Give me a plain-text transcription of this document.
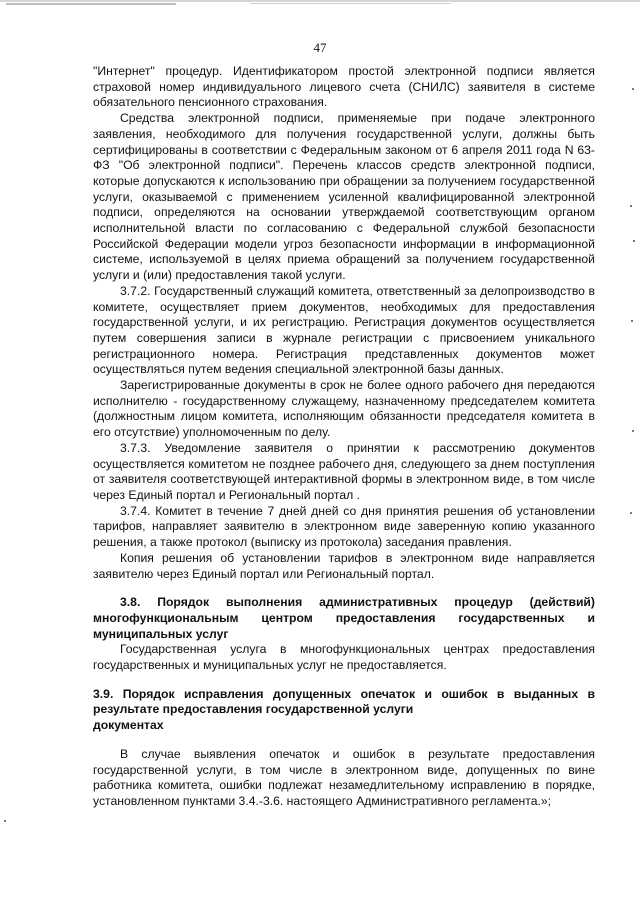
47

"Интернет" процедур. Идентификатором простой электронной подписи является страховой номер индивидуального лицевого счета (СНИЛС) заявителя в системе обязательного пенсионного страхования.

Средства электронной подписи, применяемые при подаче электронного заявления, необходимого для получения государственной услуги, должны быть сертифицированы в соответствии с Федеральным законом от 6 апреля 2011 года N 63-ФЗ "Об электронной подписи". Перечень классов средств электронной подписи, которые допускаются к использованию при обращении за получением государственной услуги, оказываемой с применением усиленной квалифицированной электронной подписи, определяются на основании утверждаемой соответствующим органом исполнительной власти по согласованию с Федеральной службой безопасности Российской Федерации модели угроз безопасности информации в информационной системе, используемой в целях приема обращений за получением государственной услуги и (или) предоставления такой услуги.

3.7.2. Государственный служащий комитета, ответственный за делопроизводство в комитете, осуществляет прием документов, необходимых для предоставления государственной услуги, и их регистрацию. Регистрация документов осуществляется путем совершения записи в журнале регистрации с присвоением уникального регистрационного номера. Регистрация представленных документов может осуществляться путем ведения специальной электронной базы данных.

Зарегистрированные документы в срок не более одного рабочего дня передаются исполнителю - государственному служащему, назначенному председателем комитета (должностным лицом комитета, исполняющим обязанности председателя комитета в его отсутствие) уполномоченным по делу.

3.7.3. Уведомление заявителя о принятии к рассмотрению документов осуществляется комитетом не позднее рабочего дня, следующего за днем поступления от заявителя соответствующей интерактивной формы в электронном виде, в том числе через Единый портал и Региональный портал .

3.7.4. Комитет в течение 7 дней дней со дня принятия решения об установлении тарифов, направляет заявителю в электронном виде заверенную копию указанного решения, а также протокол (выписку из протокола) заседания правления.

Копия решения об установлении тарифов в электронном виде направляется заявителю через Единый портал или Региональный портал.

3.8. Порядок выполнения административных процедур (действий) многофункциональным центром предоставления государственных и муниципальных услуг

Государственная услуга в многофункциональных центрах предоставления государственных и муниципальных услуг не предоставляется.

3.9. Порядок исправления допущенных опечаток и ошибок в выданных в результате предоставления государственной услуги

документах

В случае выявления опечаток и ошибок в результате предоставления государственной услуги, в том числе в электронном виде, допущенных по вине работника комитета, ошибки подлежат незамедлительному исправлению в порядке, установленном пунктами 3.4.-3.6. настоящего Административного регламента.»;
